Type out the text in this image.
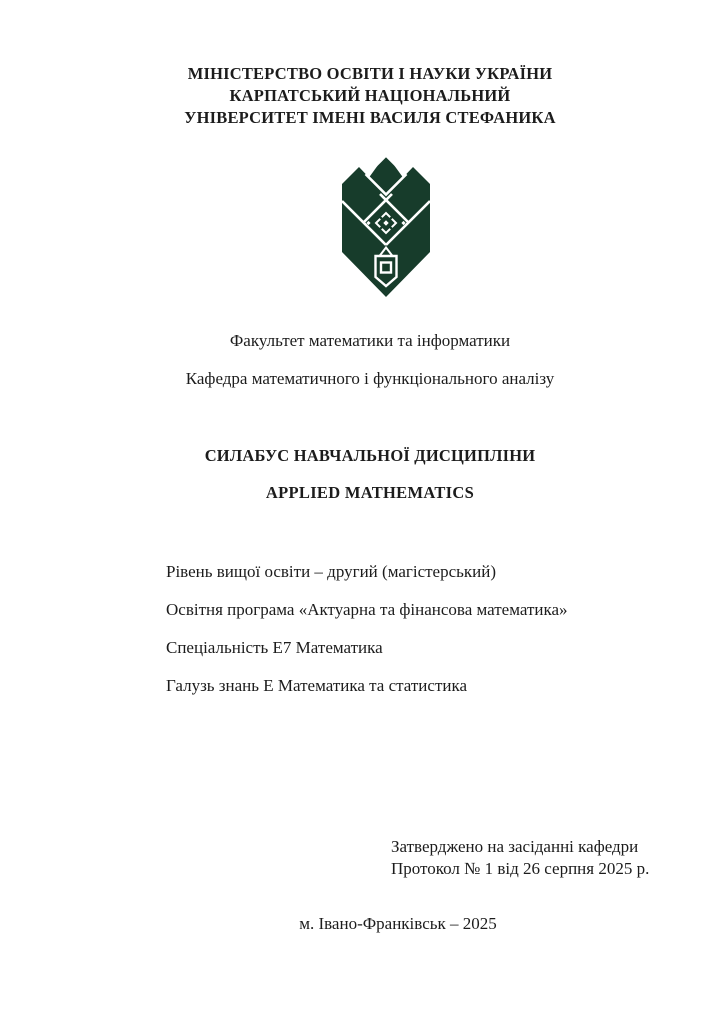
МІНІСТЕРСТВО ОСВІТИ І НАУКИ УКРАЇНИ
КАРПАТСЬКИЙ НАЦІОНАЛЬНИЙ
УНІВЕРСИТЕТ ІМЕНІ ВАСИЛЯ СТЕФАНИКА
Факультет математики та інформатики
Кафедра математичного і функціонального аналізу
СИЛАБУС НАВЧАЛЬНОЇ ДИСЦИПЛІНИ
APPLIED MATHEMATICS
Рівень вищої освіти – другий (магістерський)
Освітня програма «Актуарна та фінансова математика»
Спеціальність Е7 Математика
Галузь знань Е Математика та статистика
Затверджено на засіданні кафедри
Протокол № 1 від 26 серпня 2025 р.
м. Івано-Франківськ – 2025
